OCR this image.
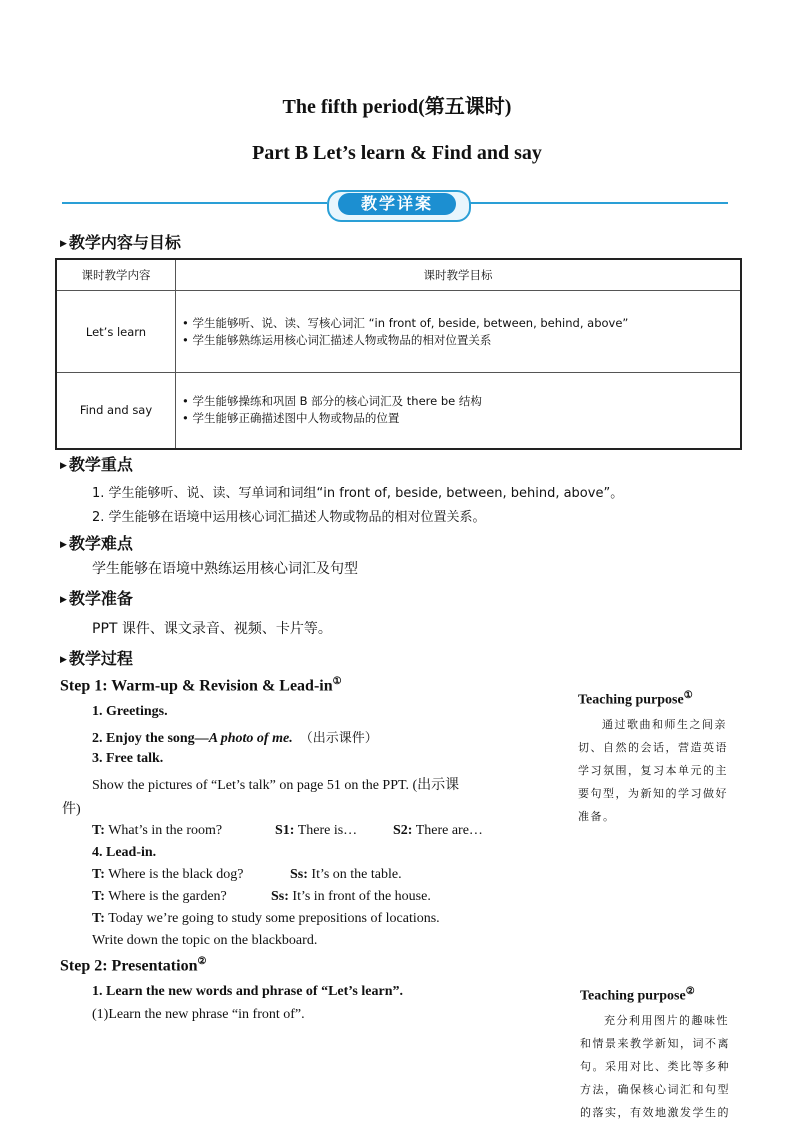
The fifth period(第五课时)
Part B Let’s learn & Find and say
教学详案
▶ 教学内容与目标
课时教学内容	课时教学目标
Let’s learn	• 学生能够听、说、读、写核心词汇 “in front of, beside, between, behind, above”
• 学生能够熟练运用核心词汇描述人物或物品的相对位置关系

Find and say	• 学生能够操练和巩固 B 部分的核心词汇及 there be 结构
• 学生能够正确描述图中人物或物品的位置
▶ 教学重点
1. 学生能够听、说、读、写单词和词组“in front of, beside, between, behind, above”。
2. 学生能够在语境中运用核心词汇描述人物或物品的相对位置关系。
▶ 教学难点
学生能够在语境中熟练运用核心词汇及句型
▶ 教学准备
PPT 课件、课文录音、视频、卡片等。
▶ 教学过程
Step 1: Warm-up & Revision & Lead-in①
1. Greetings.
2. Enjoy the song—A photo of me. （出示课件）
3. Free talk.
Show the pictures of “Let’s talk” on page 51 on the PPT. (出示课
件)
T: What’s in the room?	S1: There is…	S2: There are…
4. Lead-in.
T: Where is the black dog?	Ss: It’s on the table.
T: Where is the garden?	Ss: It’s in front of the house.
T: Today we’re going to study some prepositions of locations.
Write down the topic on the blackboard.
Step 2: Presentation②
1. Learn the new words and phrase of “Let’s learn”.
(1)Learn the new phrase “in front of”.
Teaching purpose①
通过歌曲和师生之间亲
切、自然的会话，营造英语
学习氛围，复习本单元的主
要句型，为新知的学习做好
准备。
Teaching purpose②
充分利用图片的趣味性
和情景来教学新知，词不离
句。采用对比、类比等多种
方法，确保核心词汇和句型
的落实，有效地激发学生的
